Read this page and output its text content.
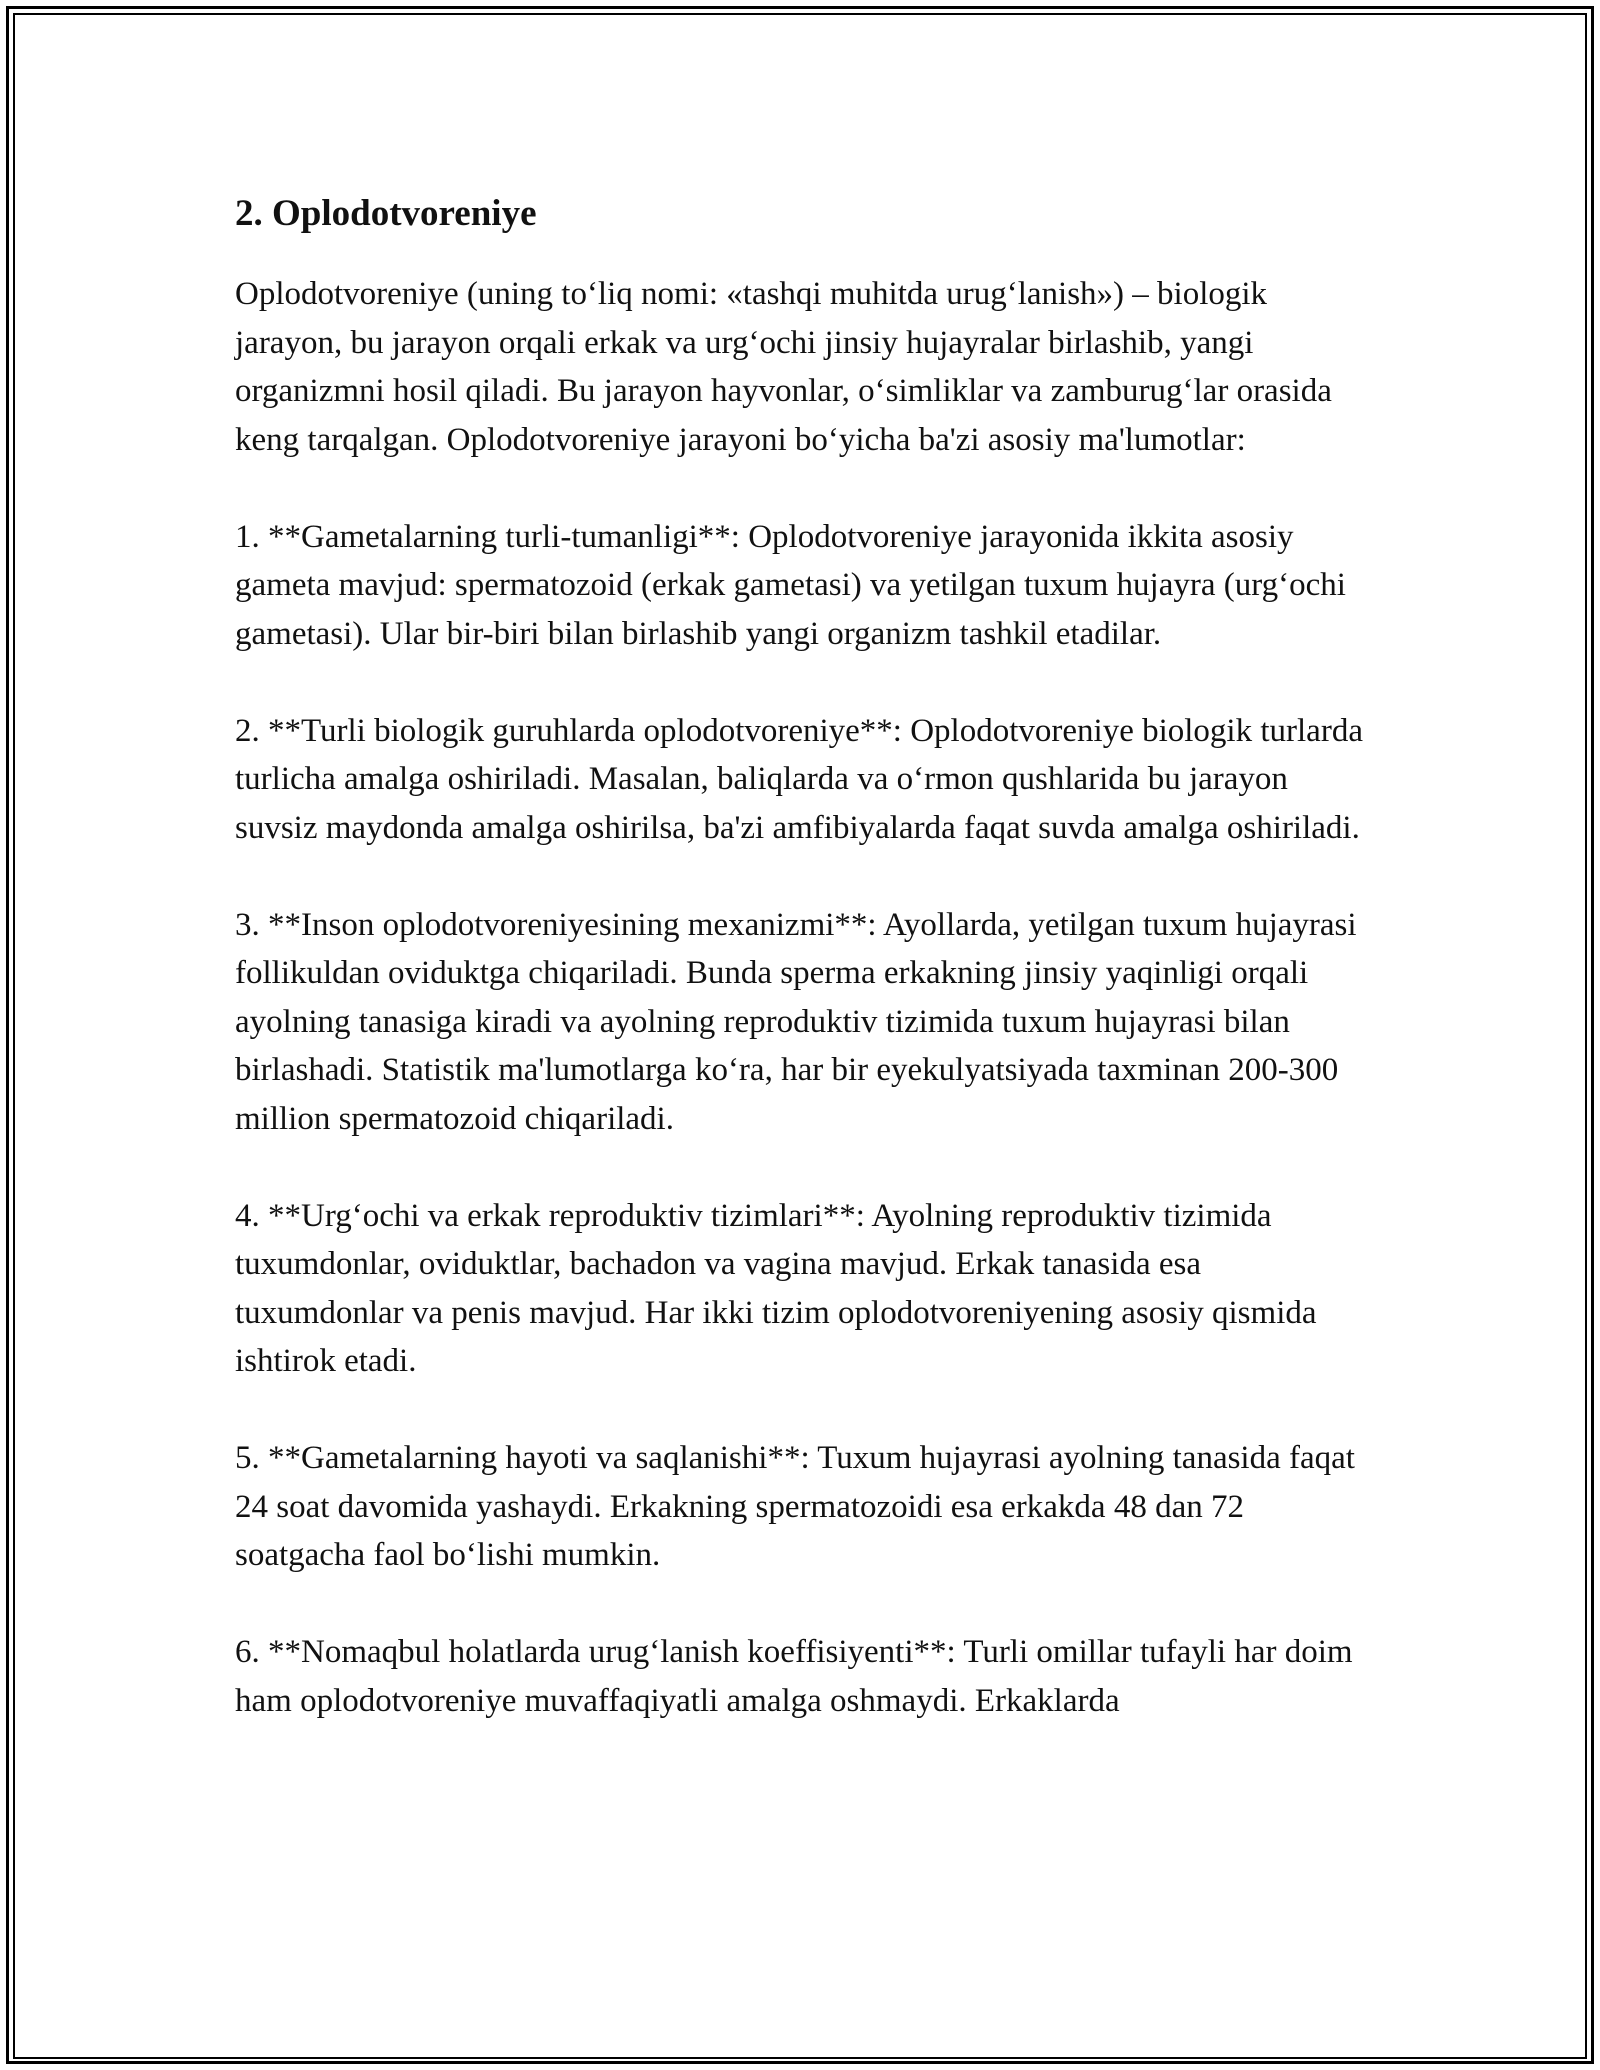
2. Oplodotvoreniye

Oplodotvoreniye (uning to‘liq nomi: «tashqi muhitda urug‘lanish») – biologik jarayon, bu jarayon orqali erkak va urg‘ochi jinsiy hujayralar birlashib, yangi organizmni hosil qiladi. Bu jarayon hayvonlar, o‘simliklar va zamburug‘lar orasida keng tarqalgan. Oplodotvoreniye jarayoni bo‘yicha ba'zi asosiy ma'lumotlar:

1. **Gametalarning turli-tumanligi**: Oplodotvoreniye jarayonida ikkita asosiy gameta mavjud: spermatozoid (erkak gametasi) va yetilgan tuxum hujayra (urg‘ochi gametasi). Ular bir-biri bilan birlashib yangi organizm tashkil etadilar.

2. **Turli biologik guruhlarda oplodotvoreniye**: Oplodotvoreniye biologik turlarda turlicha amalga oshiriladi. Masalan, baliqlarda va o‘rmon qushlarida bu jarayon suvsiz maydonda amalga oshirilsa, ba'zi amfibiyalarda faqat suvda amalga oshiriladi.

3. **Inson oplodotvoreniyesining mexanizmi**: Ayollarda, yetilgan tuxum hujayrasi follikuldan oviduktga chiqariladi. Bunda sperma erkakning jinsiy yaqinligi orqali ayolning tanasiga kiradi va ayolning reproduktiv tizimida tuxum hujayrasi bilan birlashadi. Statistik ma'lumotlarga ko‘ra, har bir eyekulyatsiyada taxminan 200-300 million spermatozoid chiqariladi.

4. **Urg‘ochi va erkak reproduktiv tizimlari**: Ayolning reproduktiv tizimida tuxumdonlar, oviduktlar, bachadon va vagina mavjud. Erkak tanasida esa tuxumdonlar va penis mavjud. Har ikki tizim oplodotvoreniyening asosiy qismida ishtirok etadi.

5. **Gametalarning hayoti va saqlanishi**: Tuxum hujayrasi ayolning tanasida faqat 24 soat davomida yashaydi. Erkakning spermatozoidi esa erkakda 48 dan 72 soatgacha faol bo‘lishi mumkin.

6. **Nomaqbul holatlarda urug‘lanish koeffisiyenti**: Turli omillar tufayli har doim ham oplodotvoreniye muvaffaqiyatli amalga oshmaydi. Erkaklarda
